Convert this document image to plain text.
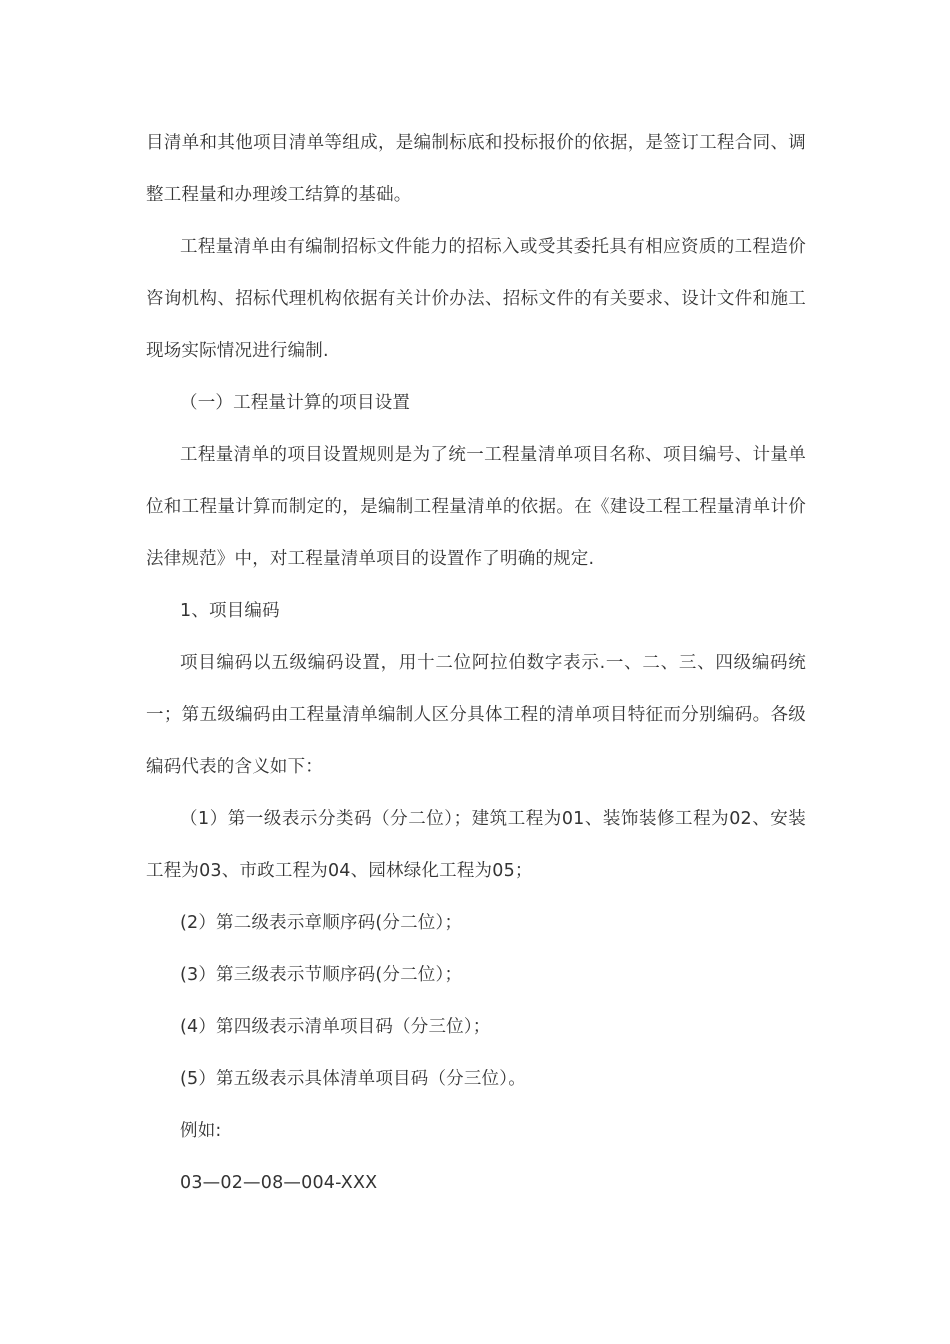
目清单和其他项目清单等组成，是编制标底和投标报价的依据，是签订工程合同、调整工程量和办理竣工结算的基础。

工程量清单由有编制招标文件能力的招标入或受其委托具有相应资质的工程造价咨询机构、招标代理机构依据有关计价办法、招标文件的有关要求、设计文件和施工现场实际情况进行编制.

（一）工程量计算的项目设置

工程量清单的项目设置规则是为了统一工程量清单项目名称、项目编号、计量单位和工程量计算而制定的，是编制工程量清单的依据。在《建设工程工程量清单计价法律规范》中，对工程量清单项目的设置作了明确的规定.

1、项目编码

项目编码以五级编码设置，用十二位阿拉伯数字表示.一、二、三、四级编码统一；第五级编码由工程量清单编制人区分具体工程的清单项目特征而分别编码。各级编码代表的含义如下：

（1）第一级表示分类码（分二位）；建筑工程为01、装饰装修工程为02、安装工程为03、市政工程为04、园林绿化工程为05；

(2）第二级表示章顺序码(分二位）；

(3）第三级表示节顺序码(分二位）；

(4）第四级表示清单项目码（分三位）；

(5）第五级表示具体清单项目码（分三位）。

例如:

03—02—08—004-XXX
